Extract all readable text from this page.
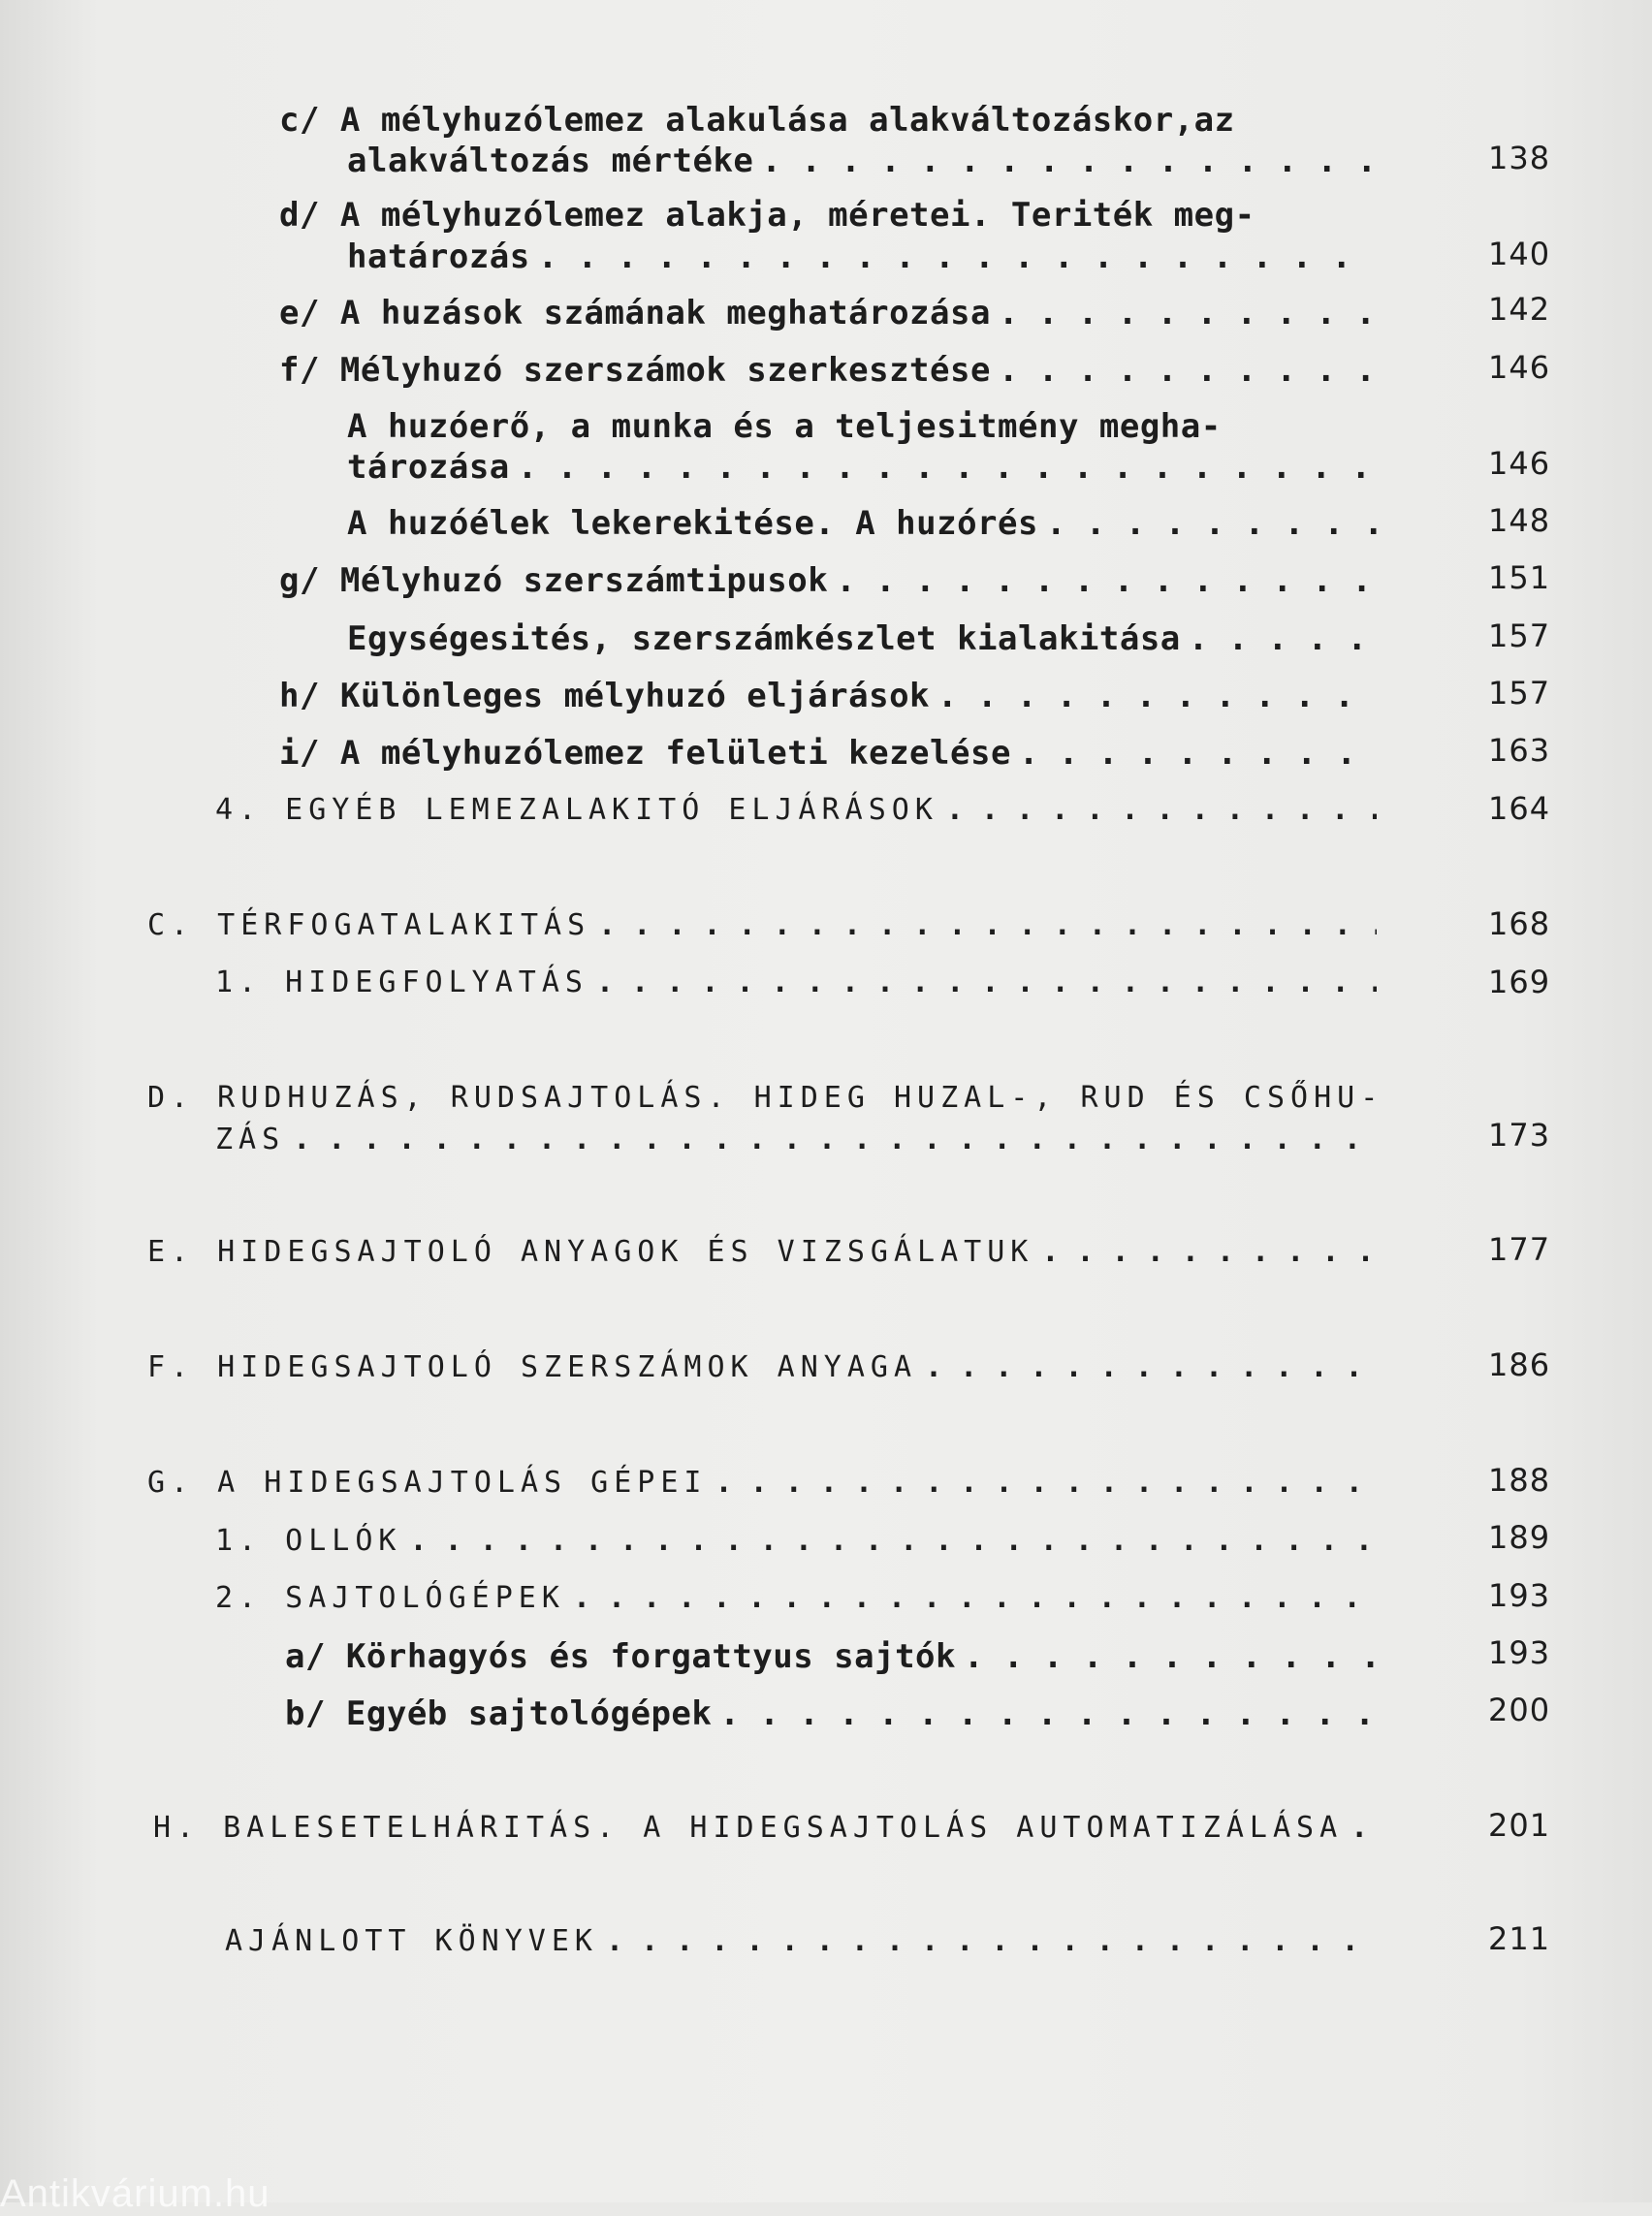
c/ A mélyhuzólemez alakulása alakváltozáskor,az
alakváltozás mértéke . . .	138
d/ A mélyhuzólemez alakja, méretei. Teriték meg-
határozás . . .	140
e/ A huzások számának meghatározása . . .	142
f/ Mélyhuzó szerszámok szerkesztése . . .	146
A huzóerő, a munka és a teljesitmény megha-
tározása . . .	146
A huzóélek lekerekitése. A huzórés . . .	148
g/ Mélyhuzó szerszámtipusok . . .	151
Egységesités, szerszámkészlet kialakitása . . .	157
h/ Különleges mélyhuzó eljárások . . .	157
i/ A mélyhuzólemez felületi kezelése . . .	163
4. EGYÉB LEMEZALAKITÓ ELJÁRÁSOK . . .	164
C. TÉRFOGATALAKITÁS . . .	168
1. HIDEGFOLYATÁS . . .	169
D. RUDHUZÁS, RUDSAJTOLÁS. HIDEG HUZAL-, RUD ÉS CSŐHU-
ZÁS . . .	173
E. HIDEGSAJTOLÓ ANYAGOK ÉS VIZSGÁLATUK . . .	177
F. HIDEGSAJTOLÓ SZERSZÁMOK ANYAGA . . .	186
G. A HIDEGSAJTOLÁS GÉPEI . . .	188
1. OLLÓK . . .	189
2. SAJTOLÓGÉPEK . . .	193
a/ Körhagyós és forgattyus sajtók . . .	193
b/ Egyéb sajtológépek . . .	200
H. BALESETELHÁRITÁS. A HIDEGSAJTOLÁS AUTOMATIZÁLÁSA . . .	201
AJÁNLOTT KÖNYVEK . . .	211
Antikvárium.hu
